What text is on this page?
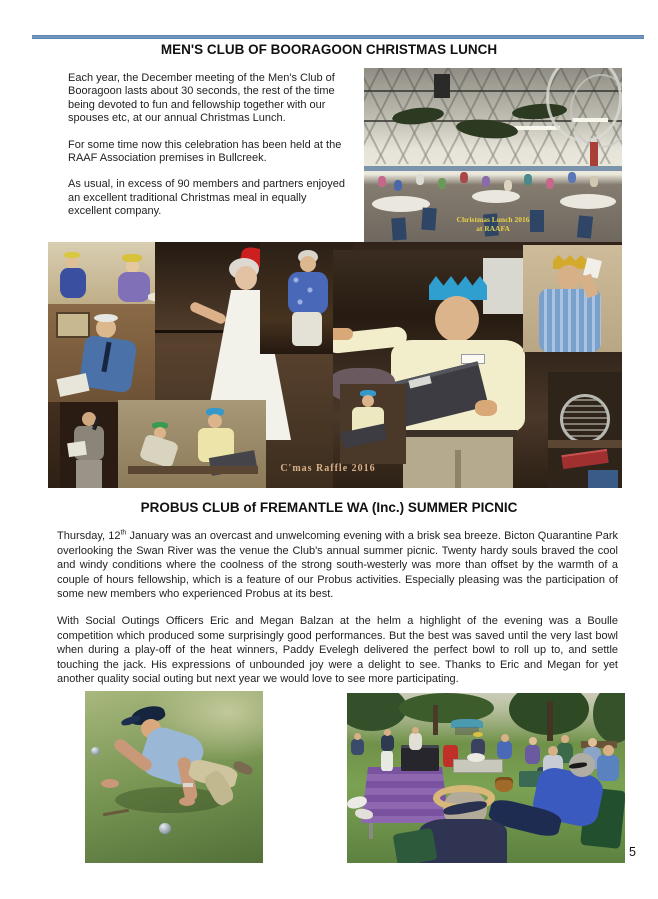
MEN'S CLUB OF BOORAGOON CHRISTMAS LUNCH

Each year, the December meeting of the Men's Club of Booragoon lasts about 30 seconds, the rest of the time being devoted to fun and fellowship together with our spouses etc, at our annual Christmas Lunch.

For some time now this celebration has been held at the RAAF Association premises in Bullcreek.

As usual, in excess of 90 members and partners enjoyed an excellent traditional Christmas meal in equally excellent company.

Christmas Lunch 2016
at RAAFA
C'mas Raffle 2016
PROBUS CLUB of FREMANTLE WA (Inc.) SUMMER PICNIC
Thursday, 12th January was an overcast and unwelcoming evening with a brisk sea breeze. Bicton Quarantine Park overlooking the Swan River was the venue the Club's annual summer picnic. Twenty hardy souls braved the cool and windy conditions where the coolness of the strong south-westerly was more than offset by the warmth of a couple of hours fellowship, which is a feature of our Probus activities. Especially pleasing was the participation of some new members who experienced Probus at its best.
With Social Outings Officers Eric and Megan Balzan at the helm a highlight of the evening was a Boulle competition which produced some surprisingly good performances. But the best was saved until the very last bowl when during a play-off of the heat winners, Paddy Evelegh delivered the perfect bowl to roll up to, and settle touching the jack. His expressions of unbounded joy were a delight to see. Thanks to Eric and Megan for yet another quality social outing but next year we would love to see more participating.
5
